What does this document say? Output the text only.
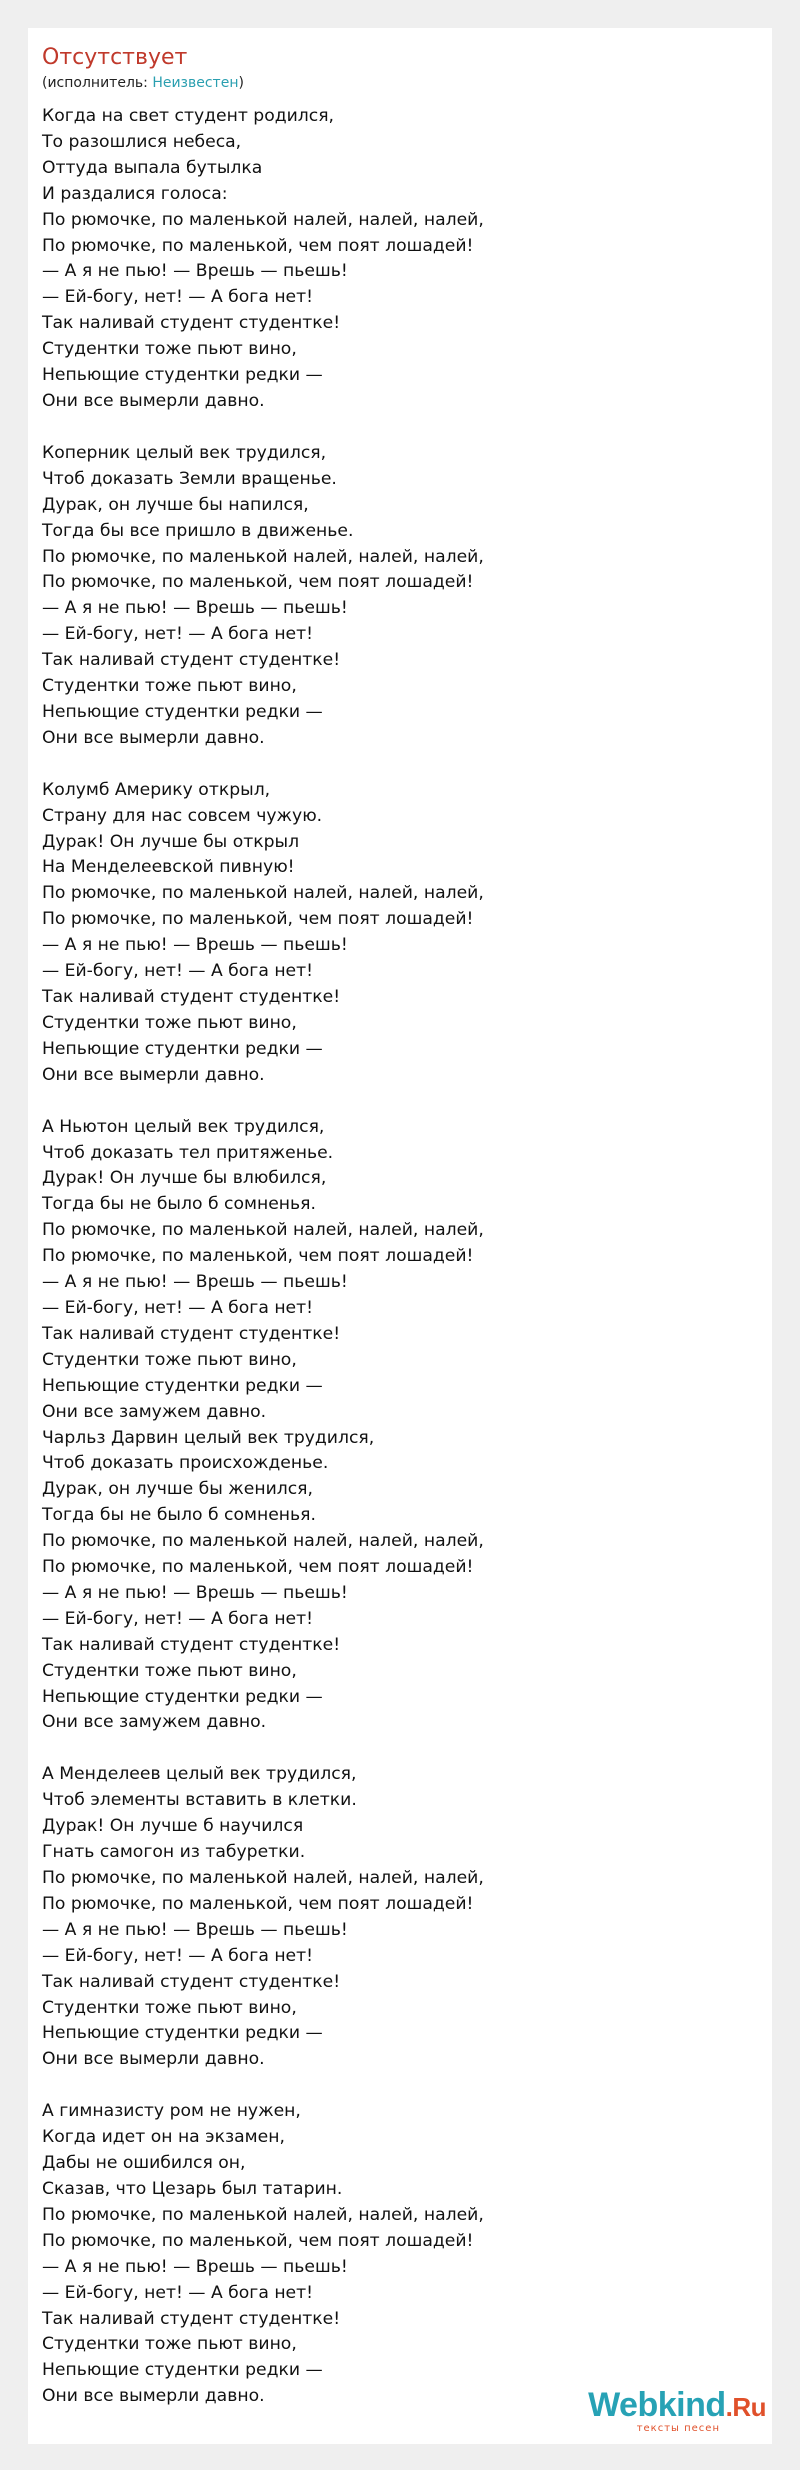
Отсутствует
(исполнитель: Неизвестен)
Когда на свет студент родился,
То разошлися небеса,
Оттуда выпала бутылка
И раздалися голоса:
По рюмочке, по маленькой налей, налей, налей,
По рюмочке, по маленькой, чем поят лошадей!
— А я не пью! — Врешь — пьешь!
— Ей-богу, нет! — А бога нет!
Так наливай студент студентке!
Студентки тоже пьют вино,
Непьющие студентки редки —
Они все вымерли давно.
Коперник целый век трудился,
Чтоб доказать Земли вращенье.
Дурак, он лучше бы напился,
Тогда бы все пришло в движенье.
По рюмочке, по маленькой налей, налей, налей,
По рюмочке, по маленькой, чем поят лошадей!
— А я не пью! — Врешь — пьешь!
— Ей-богу, нет! — А бога нет!
Так наливай студент студентке!
Студентки тоже пьют вино,
Непьющие студентки редки —
Они все вымерли давно.
Колумб Америку открыл,
Страну для нас совсем чужую.
Дурак! Он лучше бы открыл
На Менделеевской пивную!
По рюмочке, по маленькой налей, налей, налей,
По рюмочке, по маленькой, чем поят лошадей!
— А я не пью! — Врешь — пьешь!
— Ей-богу, нет! — А бога нет!
Так наливай студент студентке!
Студентки тоже пьют вино,
Непьющие студентки редки —
Они все вымерли давно.
А Ньютон целый век трудился,
Чтоб доказать тел притяженье.
Дурак! Он лучше бы влюбился,
Тогда бы не было б сомненья.
По рюмочке, по маленькой налей, налей, налей,
По рюмочке, по маленькой, чем поят лошадей!
— А я не пью! — Врешь — пьешь!
— Ей-богу, нет! — А бога нет!
Так наливай студент студентке!
Студентки тоже пьют вино,
Непьющие студентки редки —
Они все замужем давно.
Чарльз Дарвин целый век трудился,
Чтоб доказать происхожденье.
Дурак, он лучше бы женился,
Тогда бы не было б сомненья.
По рюмочке, по маленькой налей, налей, налей,
По рюмочке, по маленькой, чем поят лошадей!
— А я не пью! — Врешь — пьешь!
— Ей-богу, нет! — А бога нет!
Так наливай студент студентке!
Студентки тоже пьют вино,
Непьющие студентки редки —
Они все замужем давно.
А Менделеев целый век трудился,
Чтоб элементы вставить в клетки.
Дурак! Он лучше б научился
Гнать самогон из табуретки.
По рюмочке, по маленькой налей, налей, налей,
По рюмочке, по маленькой, чем поят лошадей!
— А я не пью! — Врешь — пьешь!
— Ей-богу, нет! — А бога нет!
Так наливай студент студентке!
Студентки тоже пьют вино,
Непьющие студентки редки —
Они все вымерли давно.
А гимназисту ром не нужен,
Когда идет он на экзамен,
Дабы не ошибился он,
Сказав, что Цезарь был татарин.
По рюмочке, по маленькой налей, налей, налей,
По рюмочке, по маленькой, чем поят лошадей!
— А я не пью! — Врешь — пьешь!
— Ей-богу, нет! — А бога нет!
Так наливай студент студентке!
Студентки тоже пьют вино,
Непьющие студентки редки —
Они все вымерли давно.	Webkind.Ru
тексты песен
